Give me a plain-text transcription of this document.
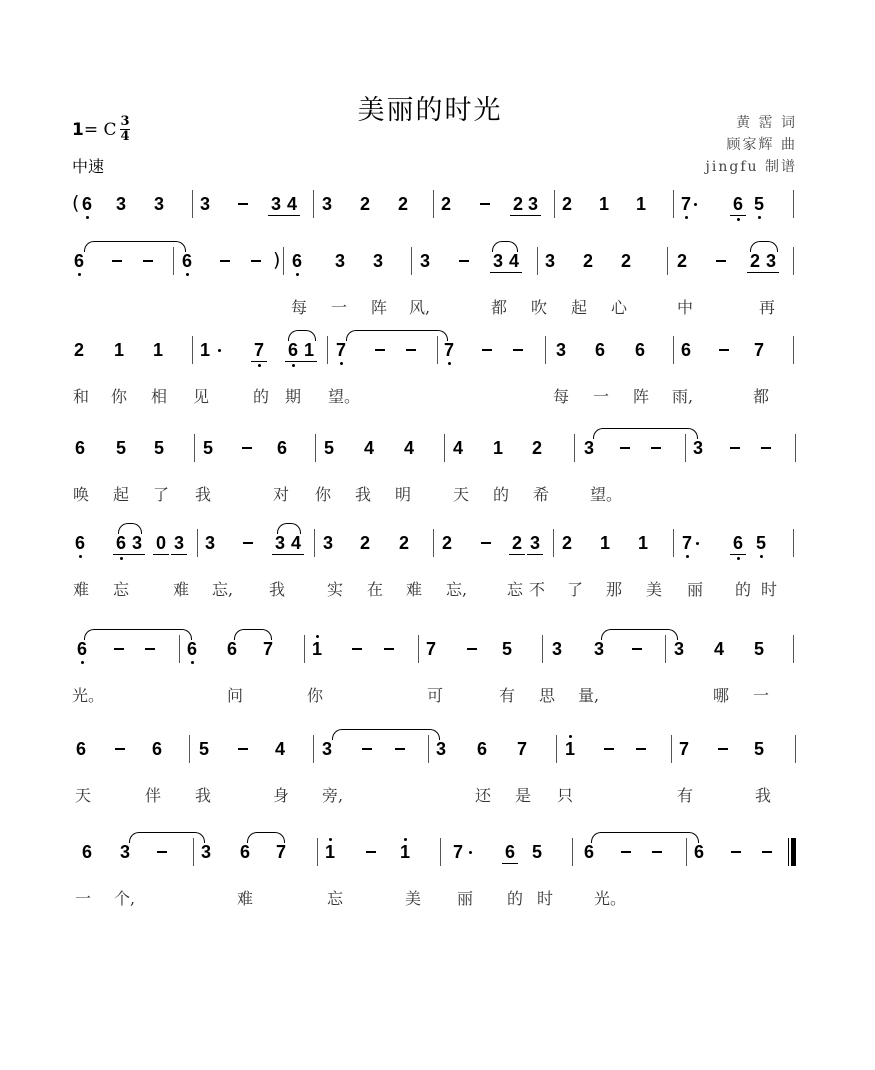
美丽的时光
1= C 3
4
中速
黄 霑 词
顾家辉 曲
jingfu 制谱
( 6 3 3 3	3 4 3 2 2 2	2 3 2 1 1 7 6 5
6	6	) 6 3 3 3	3 4 3 2 2	2	2 3
每 一 阵 风,	都 吹 起 心	中	再
2 1 1 1 7 6 1 7	7	3 6 6 6	7
和 你 相 见	的 期 望。	每 一 阵 雨,	都
6 5 5 5	6 5 4 4 4 1 2 3	3
唤 起 了 我	对 你 我 明	天 的 希	望。
6 6 3 0 3 3	3 4 3 2 2 2	2 3 2 1 1 7 6 5
难 忘	难 忘,	我	实 在 难 忘,	忘 不 了 那 美 丽 的 时
6	6 6 7 1	7	5 3 3	3 4 5
光。	问	你	可	有 思 量,	哪 一
6	6 5	4 3	3 6 7 1	7	5
天	伴 我	身 旁,	还 是 只	有	我
6 3	3 6 7 1	1 7 6 5 6	6
一 个,	难	忘	美 丽 的 时	光。
